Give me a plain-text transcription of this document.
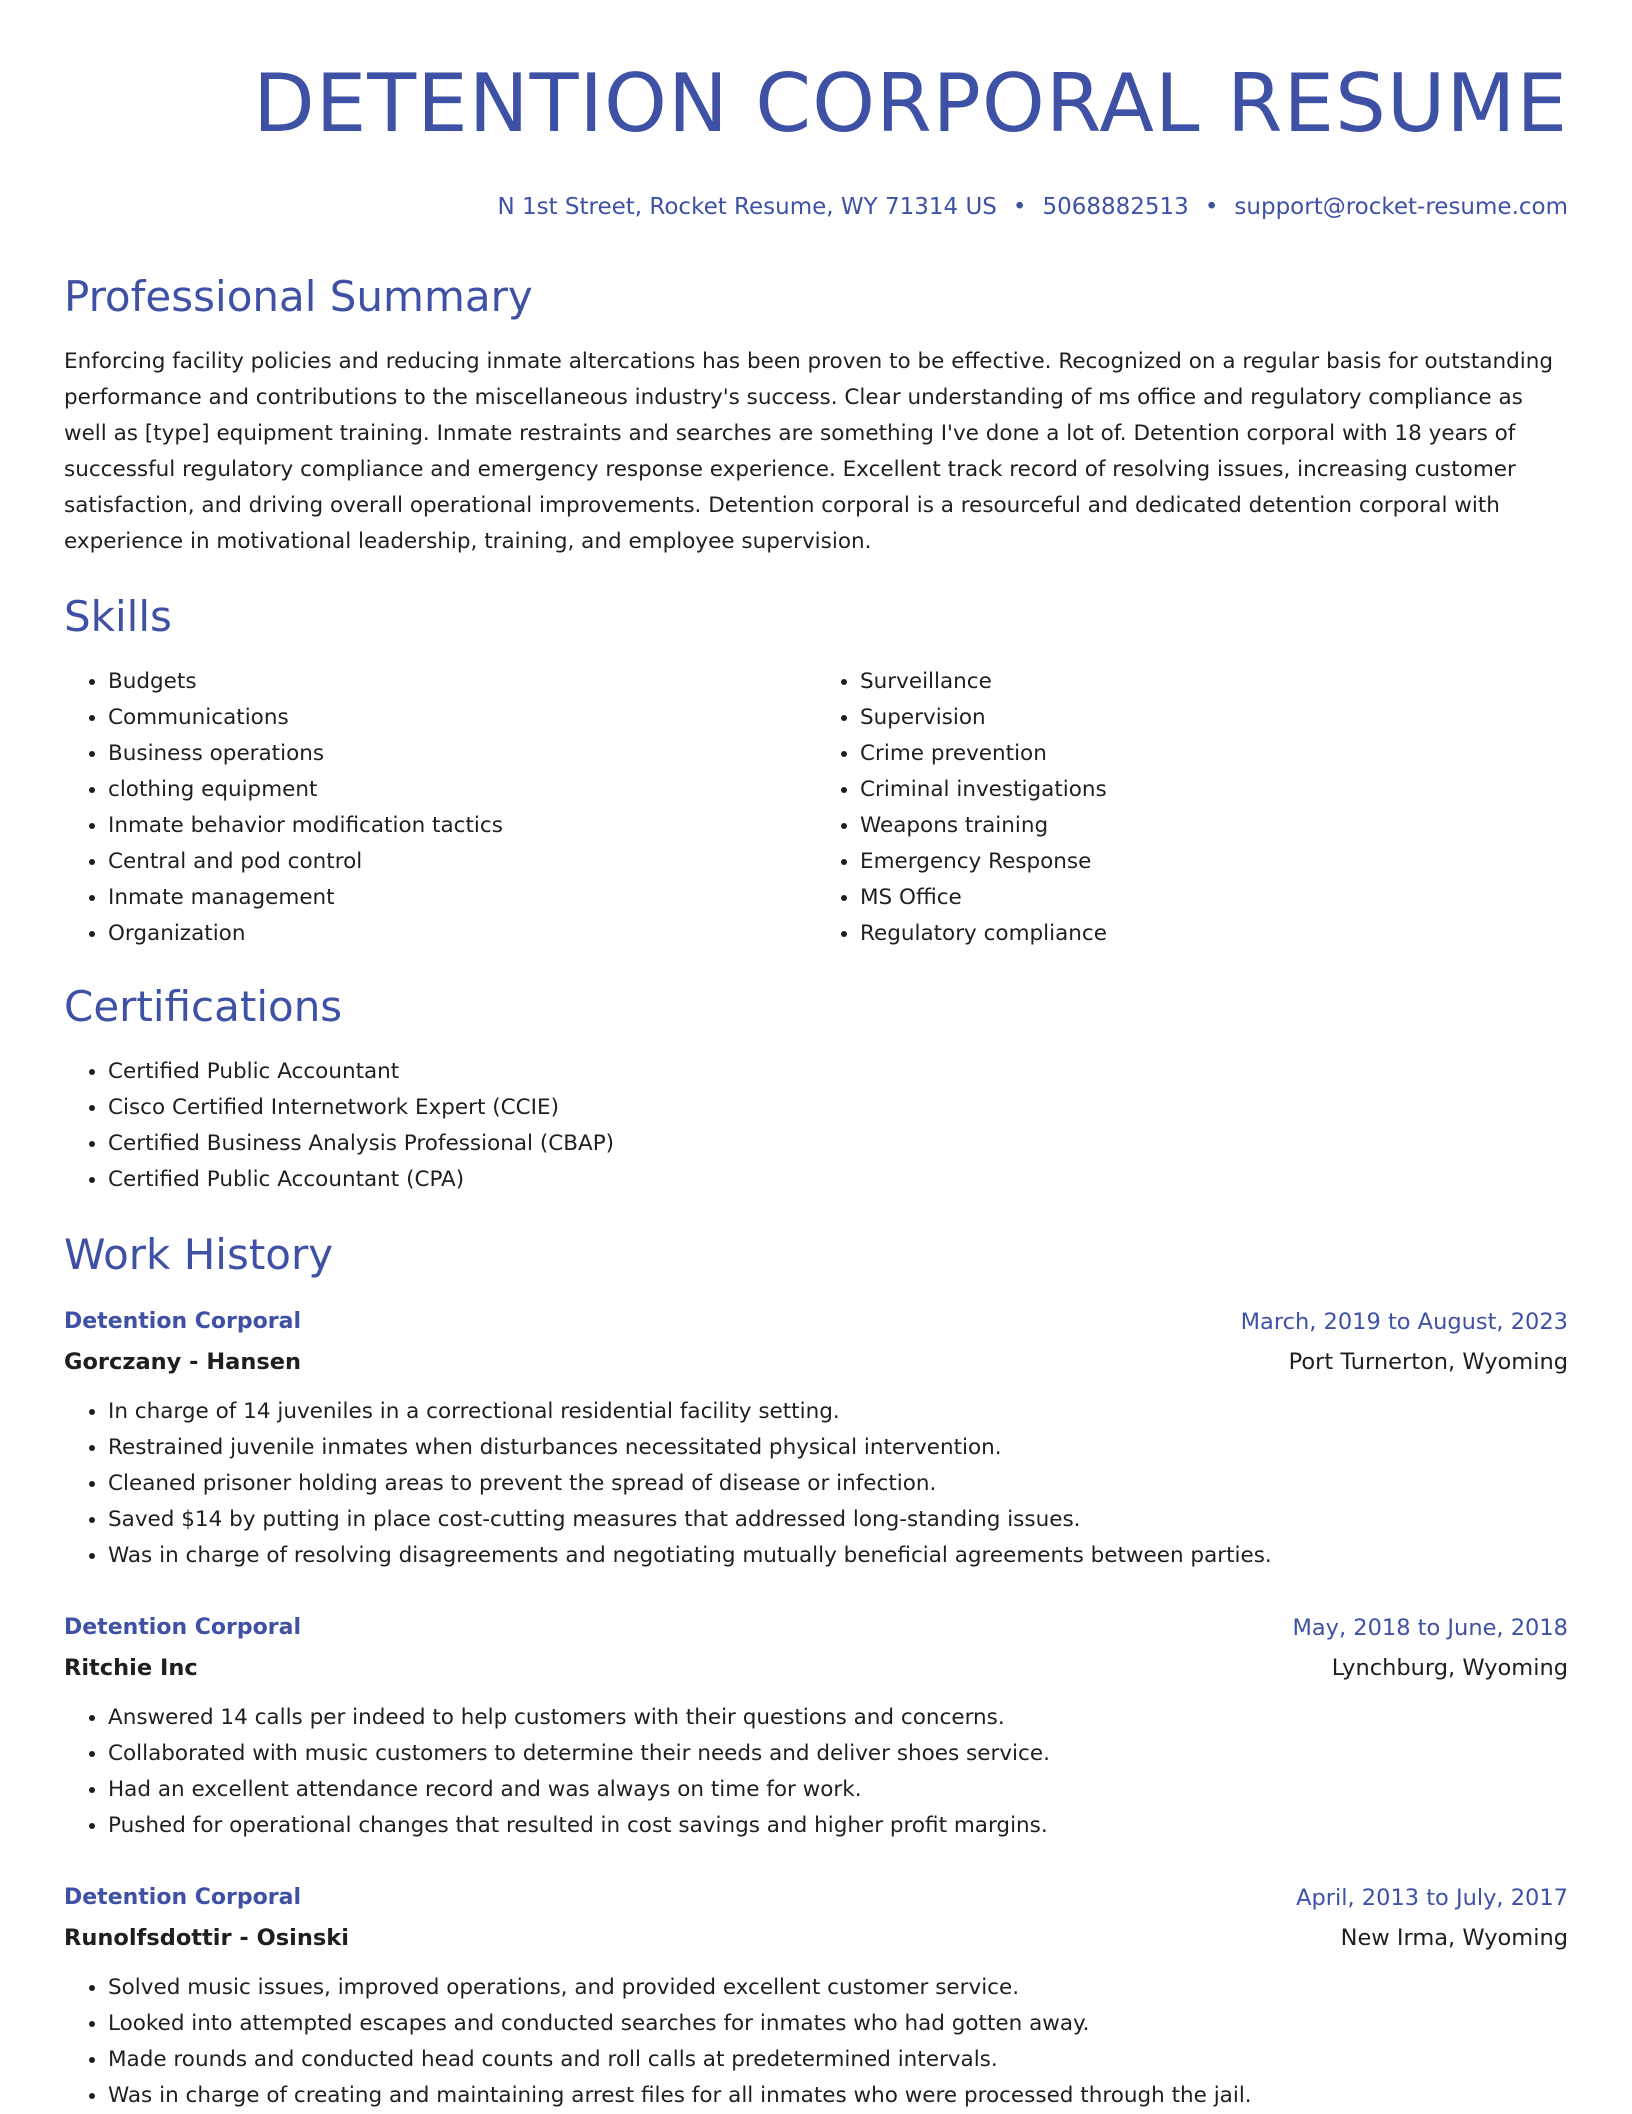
DETENTION CORPORAL RESUME
N 1st Street, Rocket Resume, WY 71314 US • 5068882513 • support@rocket-resume.com
Professional Summary

Enforcing facility policies and reducing inmate altercations has been proven to be effective. Recognized on a regular basis for outstanding performance and contributions to the miscellaneous industry's success. Clear understanding of ms office and regulatory compliance as well as [type] equipment training. Inmate restraints and searches are something I've done a lot of. Detention corporal with 18 years of successful regulatory compliance and emergency response experience. Excellent track record of resolving issues, increasing customer satisfaction, and driving overall operational improvements. Detention corporal is a resourceful and dedicated detention corporal with experience in motivational leadership, training, and employee supervision.

Skills
• Budgets
• Communications
• Business operations
• clothing equipment
• Inmate behavior modification tactics
• Central and pod control
• Inmate management
• Organization
• Surveillance
• Supervision
• Crime prevention
• Criminal investigations
• Weapons training
• Emergency Response
• MS Office
• Regulatory compliance
Certifications
• Certified Public Accountant
• Cisco Certified Internetwork Expert (CCIE)
• Certified Business Analysis Professional (CBAP)
• Certified Public Accountant (CPA)
Work History
Detention Corporal	March, 2019 to August, 2023
Gorczany - Hansen	Port Turnerton, Wyoming
• In charge of 14 juveniles in a correctional residential facility setting.
• Restrained juvenile inmates when disturbances necessitated physical intervention.
• Cleaned prisoner holding areas to prevent the spread of disease or infection.
• Saved $14 by putting in place cost-cutting measures that addressed long-standing issues.
• Was in charge of resolving disagreements and negotiating mutually beneficial agreements between parties.
Detention Corporal	May, 2018 to June, 2018
Ritchie Inc	Lynchburg, Wyoming
• Answered 14 calls per indeed to help customers with their questions and concerns.
• Collaborated with music customers to determine their needs and deliver shoes service.
• Had an excellent attendance record and was always on time for work.
• Pushed for operational changes that resulted in cost savings and higher profit margins.
Detention Corporal	April, 2013 to July, 2017
Runolfsdottir - Osinski	New Irma, Wyoming
• Solved music issues, improved operations, and provided excellent customer service.
• Looked into attempted escapes and conducted searches for inmates who had gotten away.
• Made rounds and conducted head counts and roll calls at predetermined intervals.
• Was in charge of creating and maintaining arrest files for all inmates who were processed through the jail.
